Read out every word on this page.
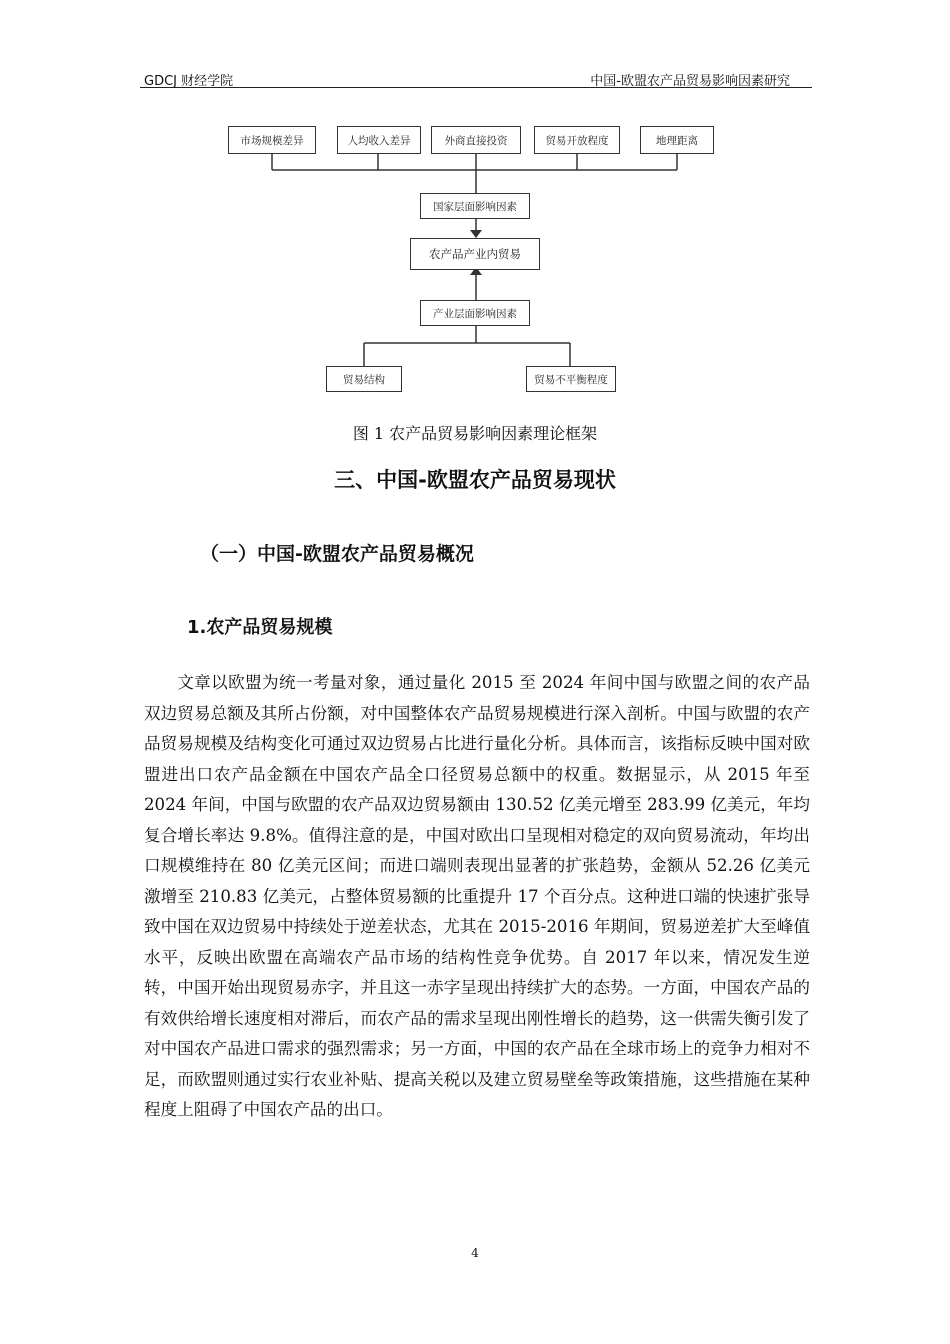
GDCJ 财经学院	中国-欧盟农产品贸易影响因素研究
市场规模差异	人均收入差异	外商直接投资	贸易开放程度	地理距离
国家层面影响因素
农产品产业内贸易
产业层面影响因素
贸易结构	贸易不平衡程度
图 1 农产品贸易影响因素理论框架
三、中国-欧盟农产品贸易现状
（一）中国-欧盟农产品贸易概况
1.农产品贸易规模

文章以欧盟为统一考量对象，通过量化 2015 至 2024 年间中国与欧盟之间的农产品双边贸易总额及其所占份额，对中国整体农产品贸易规模进行深入剖析。中国与欧盟的农产品贸易规模及结构变化可通过双边贸易占比进行量化分析。具体而言，该指标反映中国对欧盟进出口农产品金额在中国农产品全口径贸易总额中的权重。数据显示，从 2015 年至 2024 年间，中国与欧盟的农产品双边贸易额由 130.52 亿美元增至 283.99 亿美元，年均复合增长率达 9.8%。值得注意的是，中国对欧出口呈现相对稳定的双向贸易流动，年均出口规模维持在 80 亿美元区间；而进口端则表现出显著的扩张趋势，金额从 52.26 亿美元激增至 210.83 亿美元，占整体贸易额的比重提升 17 个百分点。这种进口端的快速扩张导致中国在双边贸易中持续处于逆差状态，尤其在 2015-2016 年期间，贸易逆差扩大至峰值水平，反映出欧盟在高端农产品市场的结构性竞争优势。自 2017 年以来，情况发生逆转，中国开始出现贸易赤字，并且这一赤字呈现出持续扩大的态势。一方面，中国农产品的有效供给增长速度相对滞后，而农产品的需求呈现出刚性增长的趋势，这一供需失衡引发了对中国农产品进口需求的强烈需求；另一方面，中国的农产品在全球市场上的竞争力相对不足，而欧盟则通过实行农业补贴、提高关税以及建立贸易壁垒等政策措施，这些措施在某种程度上阻碍了中国农产品的出口。

4
